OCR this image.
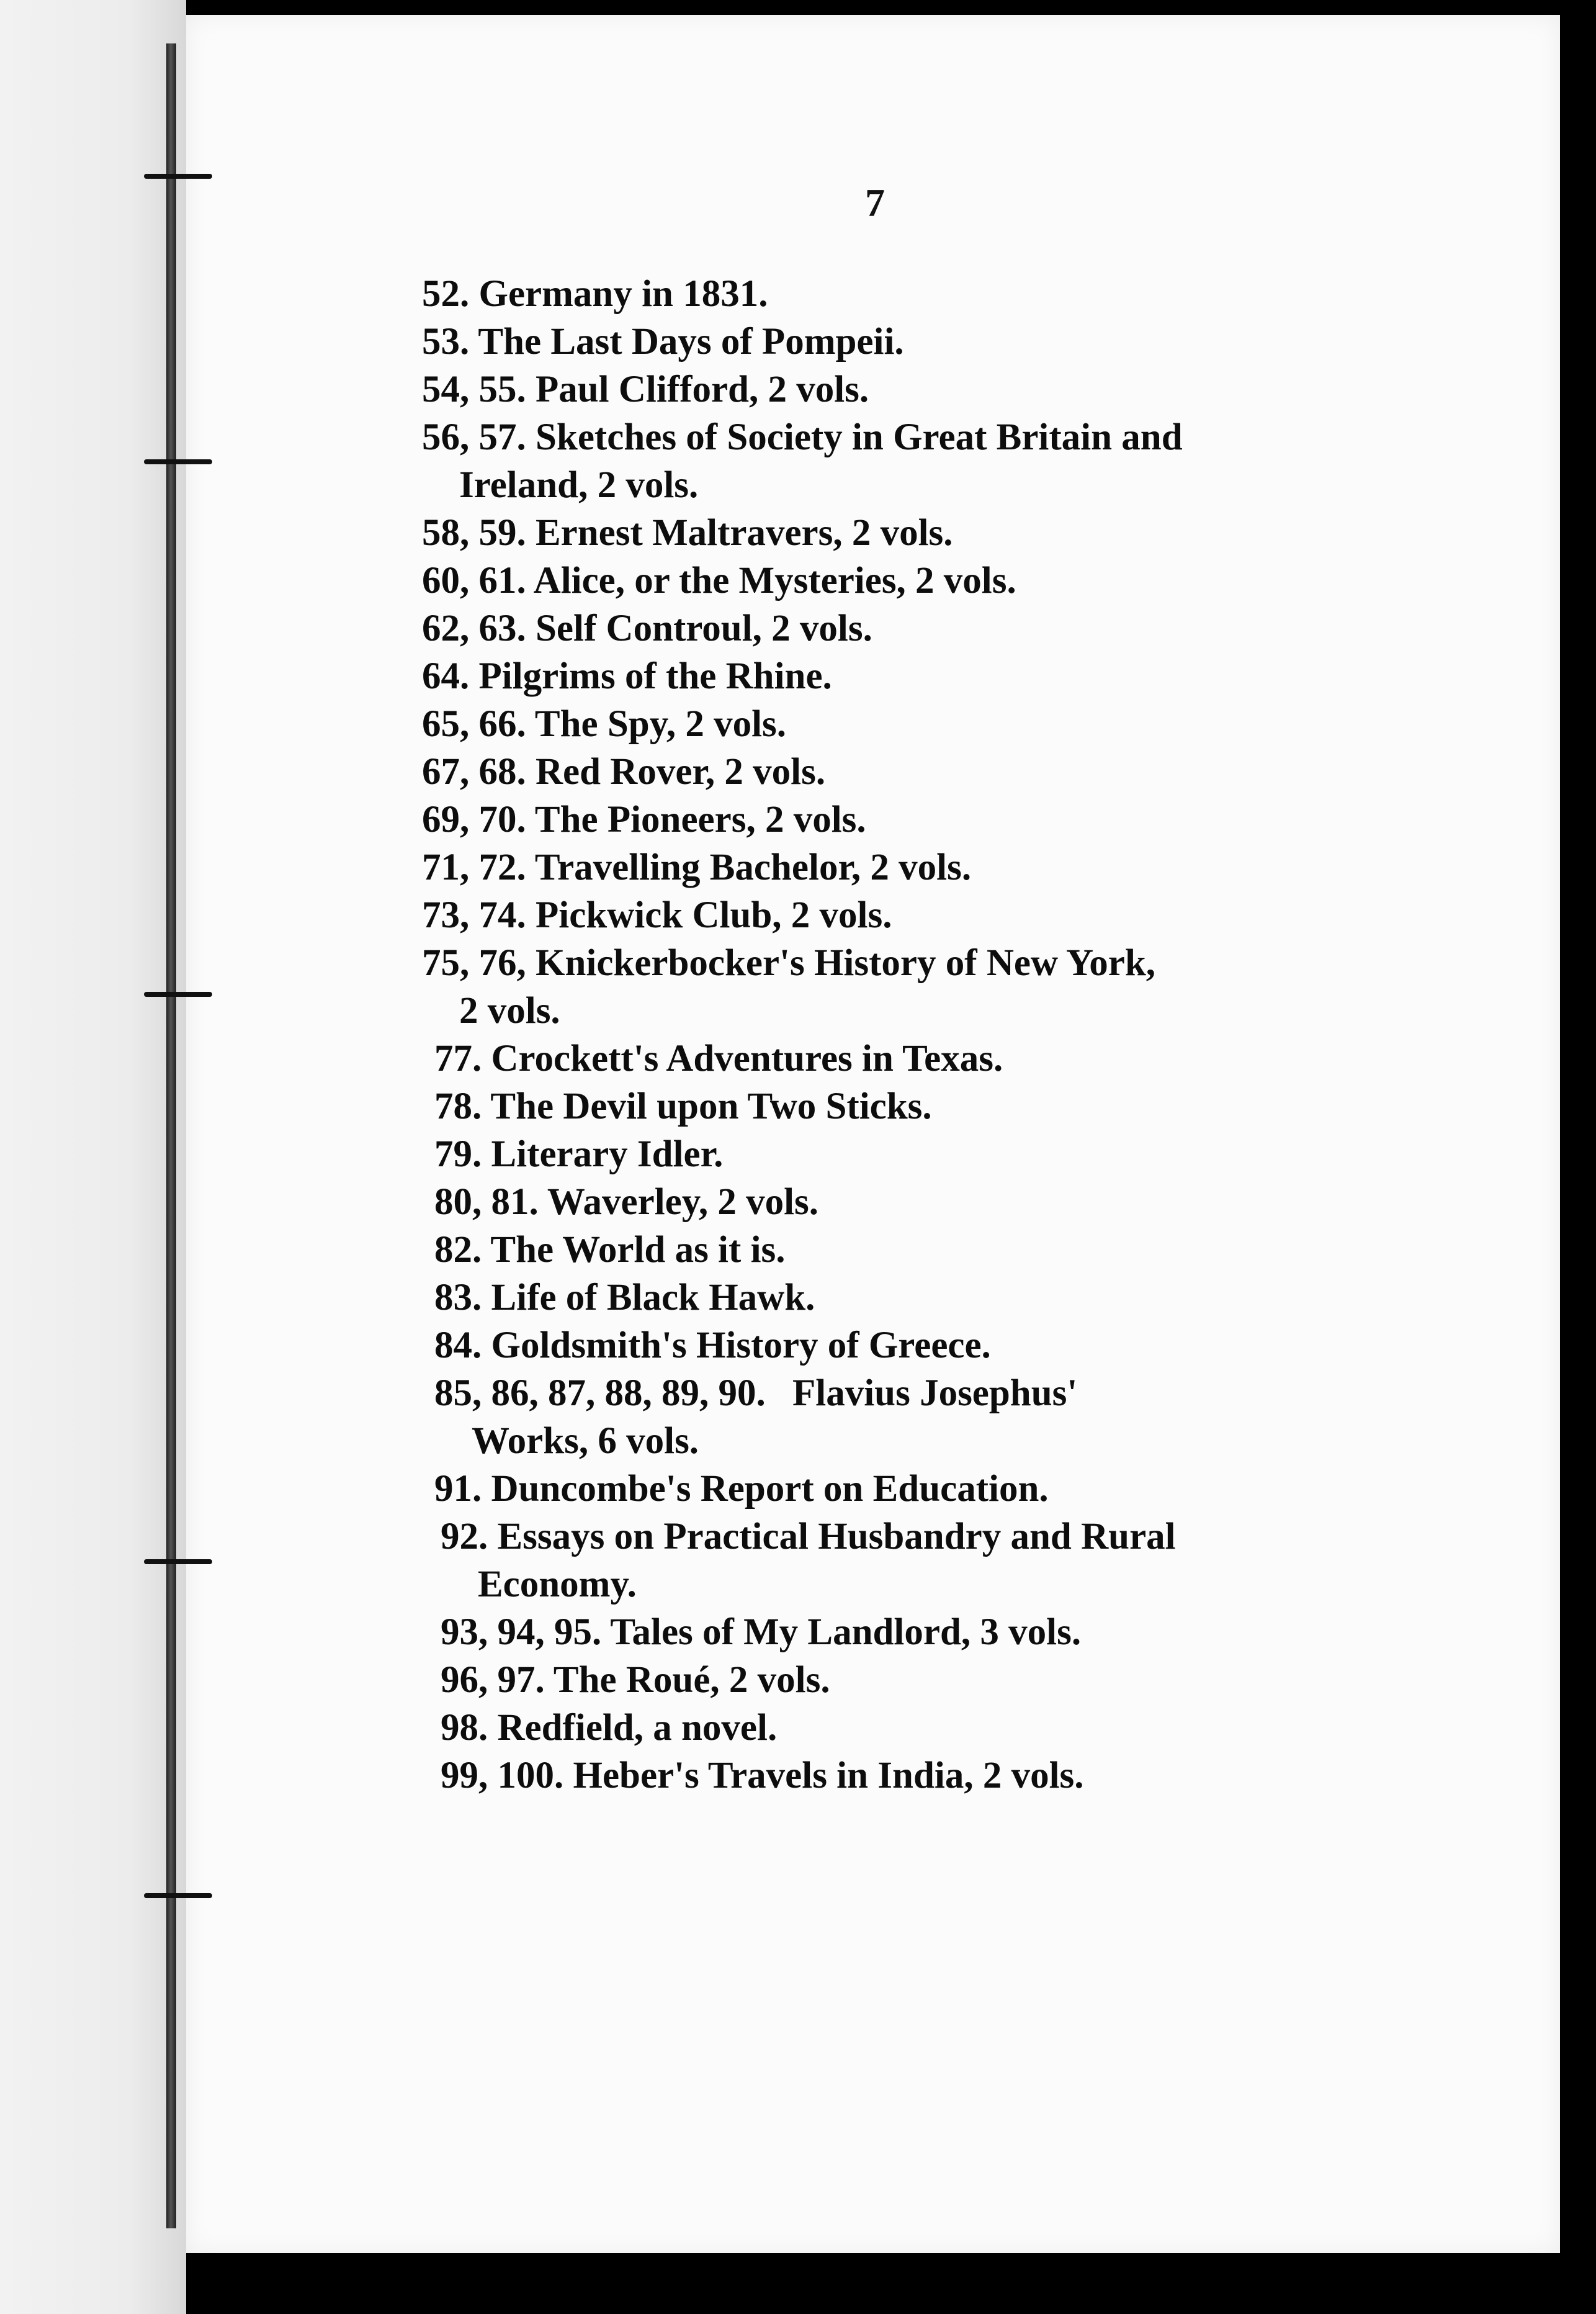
7
52. Germany in 1831.
53. The Last Days of Pompeii.
54, 55. Paul Clifford, 2 vols.
56, 57. Sketches of Society in Great Britain and
Ireland, 2 vols.
58, 59. Ernest Maltravers, 2 vols.
60, 61. Alice, or the Mysteries, 2 vols.
62, 63. Self Controul, 2 vols.
64. Pilgrims of the Rhine.
65, 66. The Spy, 2 vols.
67, 68. Red Rover, 2 vols.
69, 70. The Pioneers, 2 vols.
71, 72. Travelling Bachelor, 2 vols.
73, 74. Pickwick Club, 2 vols.
75, 76, Knickerbocker's History of New York,
2 vols.
77. Crockett's Adventures in Texas.
78. The Devil upon Two Sticks.
79. Literary Idler.
80, 81. Waverley, 2 vols.
82. The World as it is.
83. Life of Black Hawk.
84. Goldsmith's History of Greece.
85, 86, 87, 88, 89, 90. Flavius Josephus'
Works, 6 vols.
91. Duncombe's Report on Education.
92. Essays on Practical Husbandry and Rural
Economy.
93, 94, 95. Tales of My Landlord, 3 vols.
96, 97. The Roué, 2 vols.
98. Redfield, a novel.
99, 100. Heber's Travels in India, 2 vols.
